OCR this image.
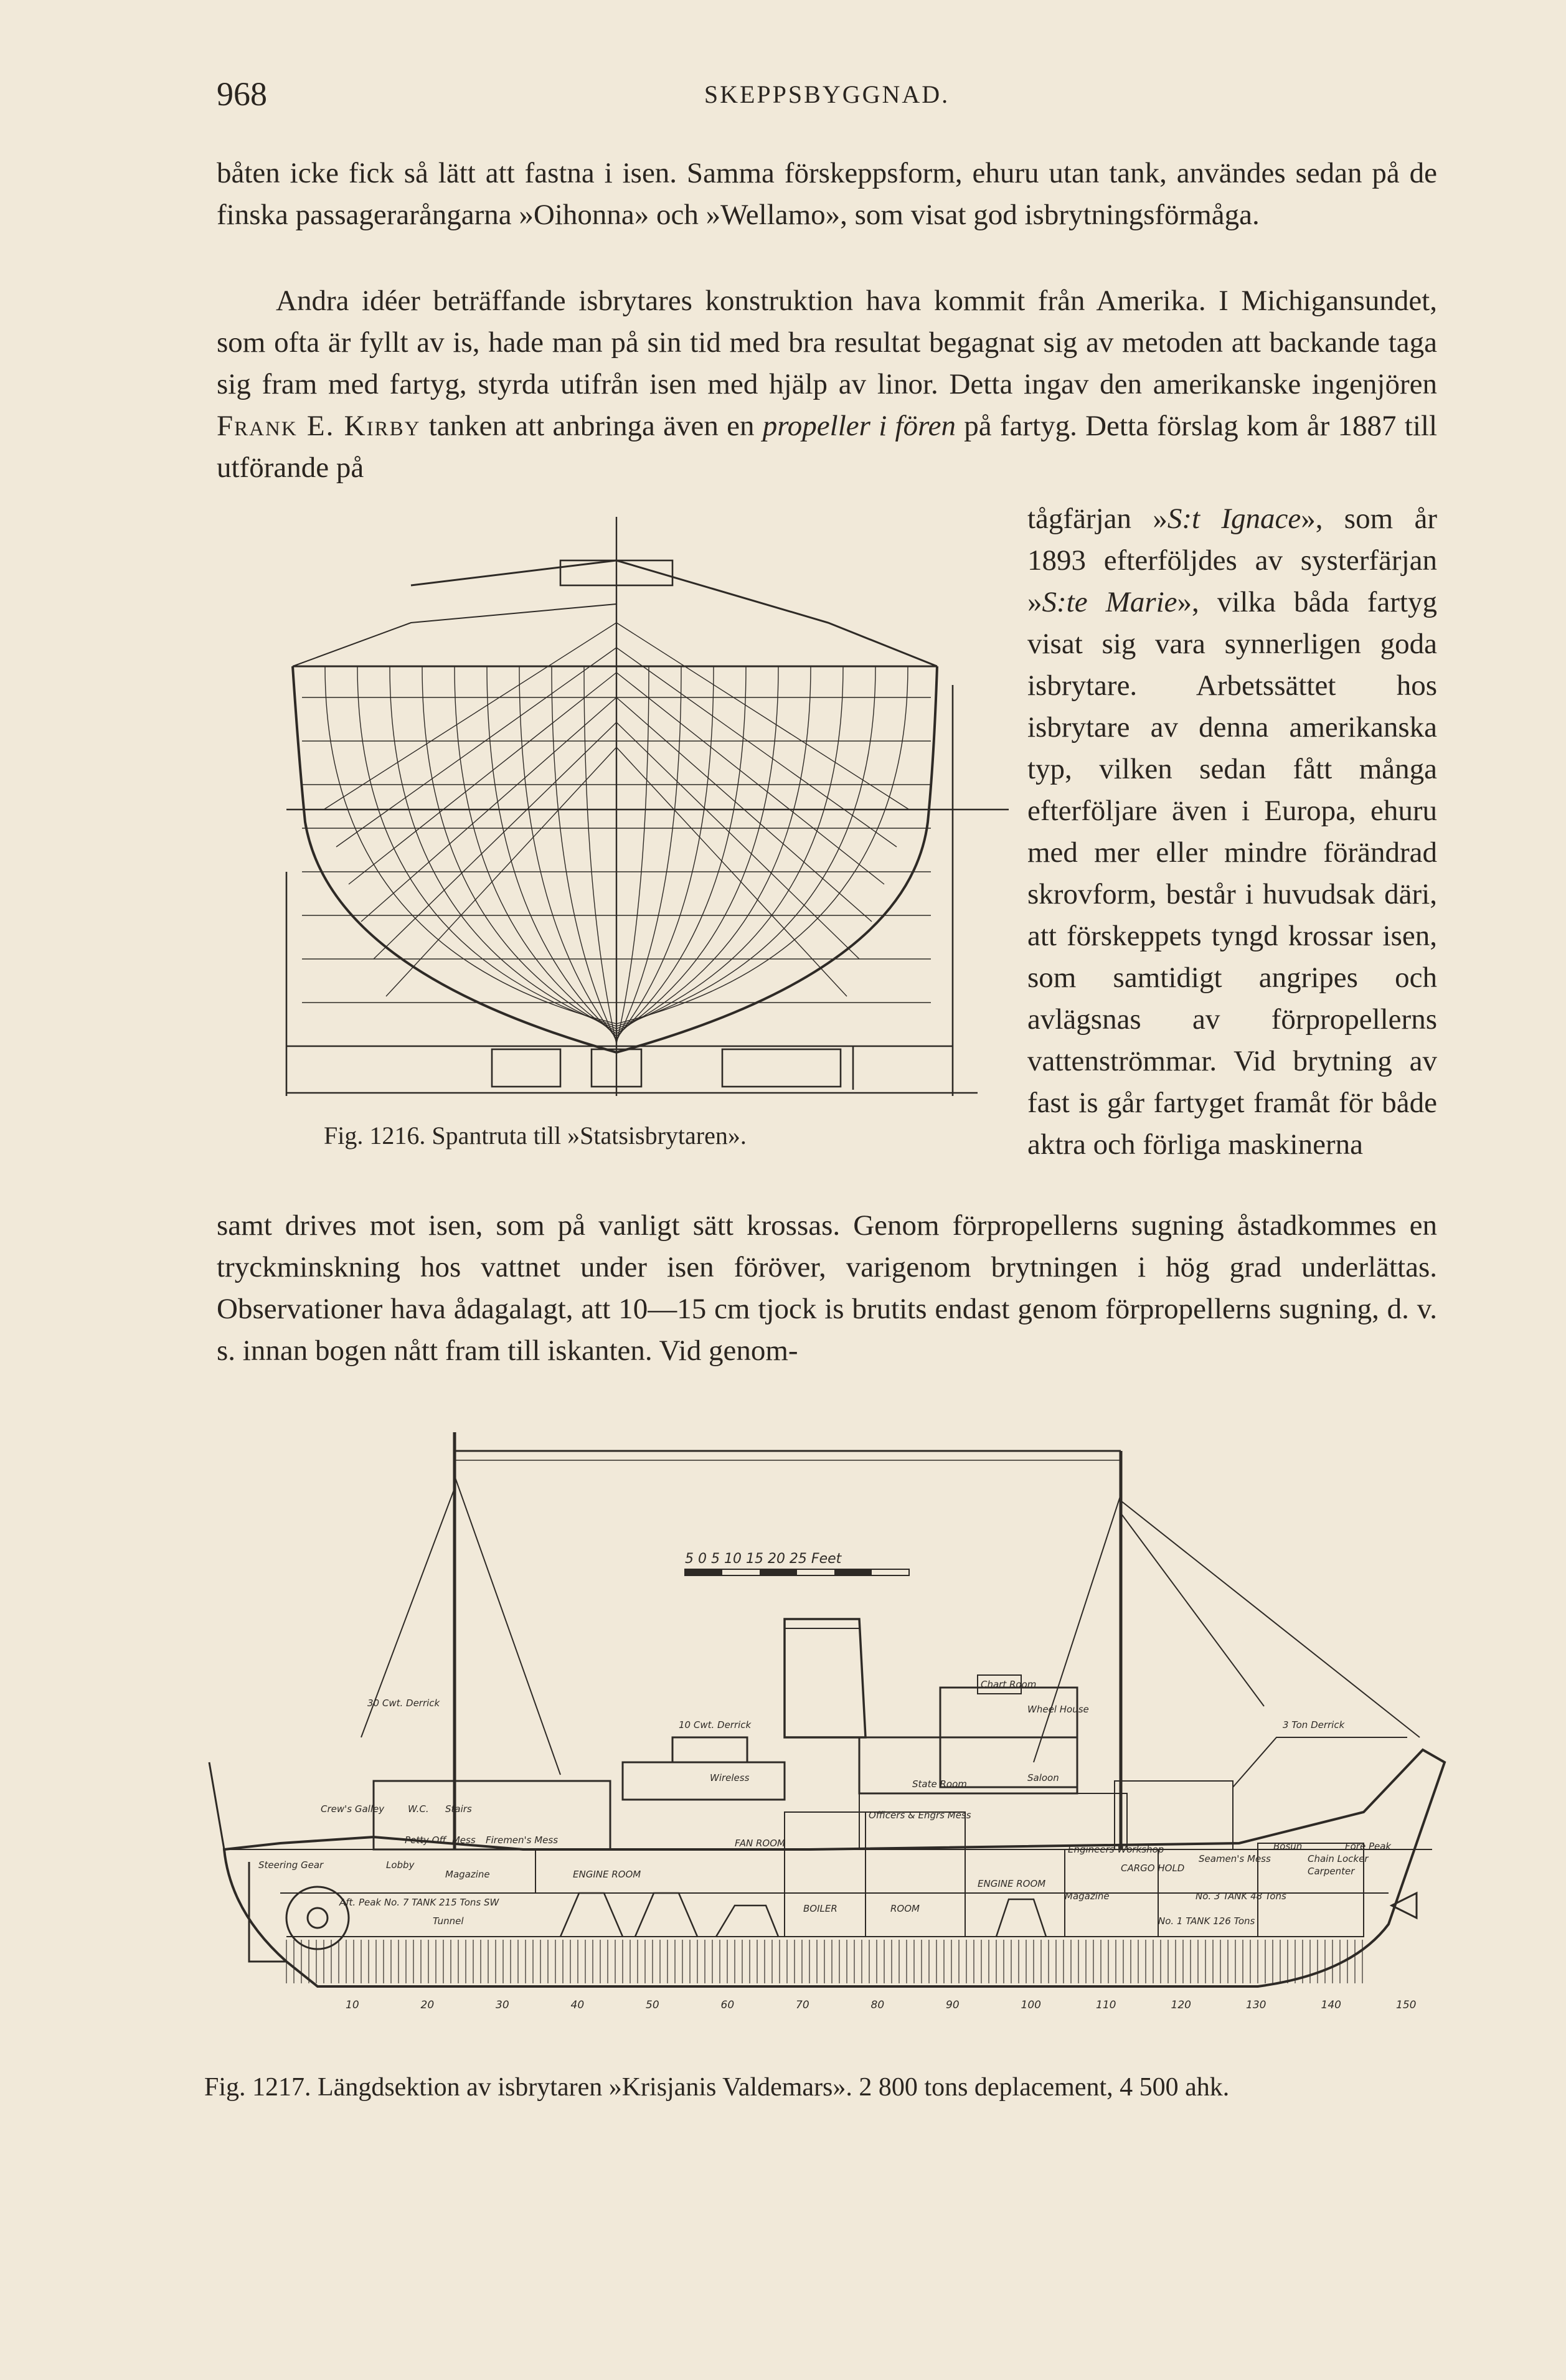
968	SKEPPSBYGGNAD.

båten icke fick så lätt att fastna i isen. Samma förskeppsform, ehuru utan tank, användes sedan på de finska passagerarångarna »Oihonna» och »Wellamo», som visat god isbrytningsförmåga.

Andra idéer beträffande isbrytares konstruktion hava kommit från Amerika. I Michigansundet, som ofta är fyllt av is, hade man på sin tid med bra resultat begagnat sig av metoden att backande taga sig fram med fartyg, styrda utifrån isen med hjälp av linor. Detta ingav den amerikanske ingenjören Frank E. Kirby tanken att anbringa även en propeller i fören på fartyg. Detta förslag kom år 1887 till utförande på

tågfärjan »S:t Ignace», som år 1893 efterföljdes av systerfärjan »S:te Marie», vilka båda fartyg visat sig vara synnerligen goda isbrytare. Arbetssättet hos isbrytare av denna amerikanska typ, vilken sedan fått många efterföljare även i Europa, ehuru med mer eller mindre förändrad skrovform, består i huvudsak däri, att förskeppets tyngd krossar isen, som samtidigt angripes och avlägsnas av förpropellerns vattenströmmar. Vid brytning av fast is går fartyget framåt för både aktra och förliga maskinerna

Fig. 1216. Spantruta till »Statsisbrytaren».

samt drives mot isen, som på vanligt sätt krossas. Genom förpropellerns sugning åstadkommes en tryckminskning hos vattnet under isen föröver, varigenom brytningen i hög grad underlättas. Observationer hava ådagalagt, att 10—15 cm tjock is brutits endast genom förpropellerns sugning, d. v. s. innan bogen nått fram till iskanten. Vid genom-

5 0 5 10 15 20 25 Feet
30 Cwt. Derrick
10 Cwt. Derrick	3 Ton Derrick
Chart Room
Wheel House
Wireless	Saloon
State Room
Officers & Engrs Mess
FAN ROOM
ENGINE ROOM
ENGINE ROOM
BOILER	ROOM
CARGO HOLD
Magazine
Magazine
Engineers Workshop
Seamen's Mess	Chain Locker
Carpenter
Bosun	Fore Peak
Crew's Galley
Steering Gear	Lobby
Petty Off. Mess Firemen's Mess
Aft. Peak No. 7 TANK 215 Tons SW
No. 3 TANK 48 Tons
No. 1 TANK 126 Tons
Tunnel
W.C. Stairs
10	20	30	40	50	60	70	80	90	100	110	120	130	140	150
Fig. 1217. Längdsektion av isbrytaren »Krisjanis Valdemars». 2 800 tons deplacement, 4 500 ahk.
